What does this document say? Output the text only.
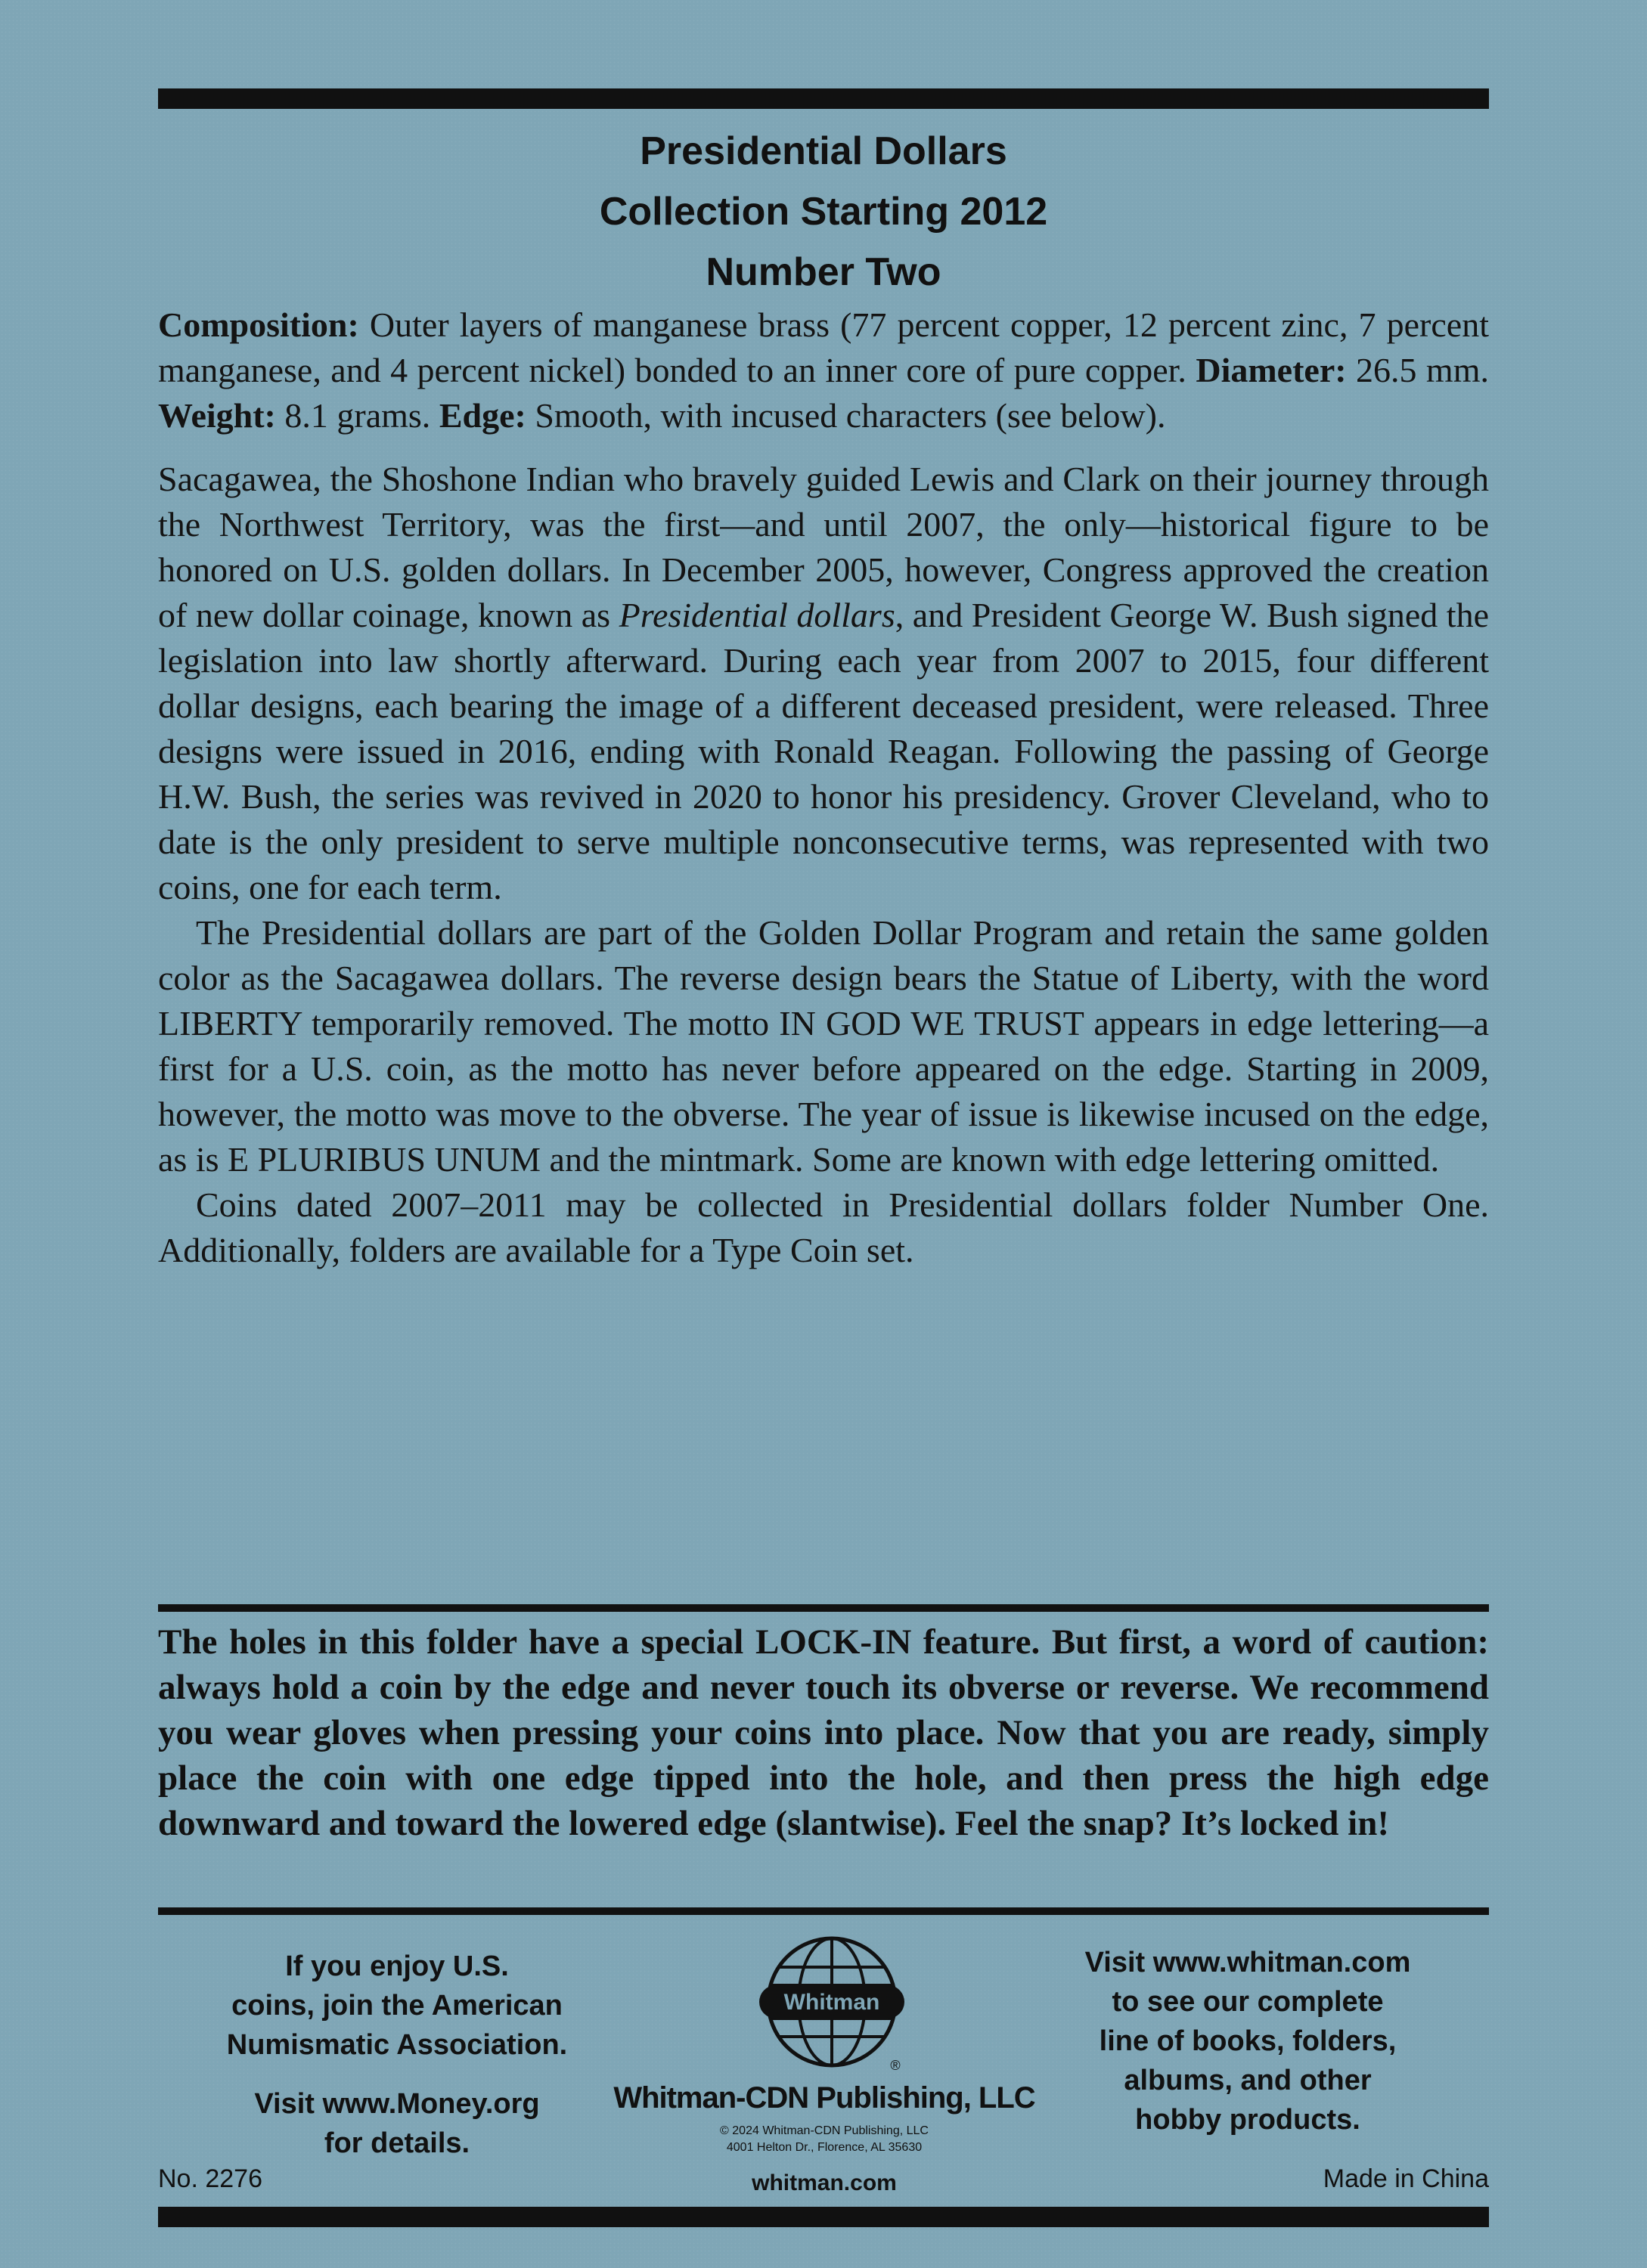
Presidential Dollars
Collection Starting 2012
Number Two

Composition: Outer layers of manganese brass (77 percent copper, 12 percent zinc, 7 percent manganese, and 4 percent nickel) bonded to an inner core of pure copper. Diameter: 26.5 mm. Weight: 8.1 grams. Edge: Smooth, with incused characters (see below).

Sacagawea, the Shoshone Indian who bravely guided Lewis and Clark on their journey through the Northwest Territory, was the first—and until 2007, the only—historical figure to be honored on U.S. golden dollars. In December 2005, however, Congress approved the creation of new dollar coinage, known as Presidential dollars, and President George W. Bush signed the legislation into law shortly afterward. During each year from 2007 to 2015, four different dollar designs, each bearing the image of a different deceased president, were released. Three designs were issued in 2016, ending with Ronald Reagan. Following the passing of George H.W. Bush, the series was revived in 2020 to honor his presidency. Grover Cleveland, who to date is the only president to serve multiple nonconsecutive terms, was represented with two coins, one for each term.

The Presidential dollars are part of the Golden Dollar Program and retain the same golden color as the Sacagawea dollars. The reverse design bears the Statue of Liberty, with the word LIBERTY temporarily removed. The motto IN GOD WE TRUST appears in edge lettering—a first for a U.S. coin, as the motto has never before appeared on the edge. Starting in 2009, however, the motto was move to the obverse. The year of issue is likewise incused on the edge, as is E PLURIBUS UNUM and the mintmark. Some are known with edge lettering omitted.

Coins dated 2007–2011 may be collected in Presidential dollars folder Number One. Additionally, folders are available for a Type Coin set.

The holes in this folder have a special LOCK-IN feature. But first, a word of caution: always hold a coin by the edge and never touch its obverse or reverse. We recommend you wear gloves when pressing your coins into place. Now that you are ready, simply place the coin with one edge tipped into the hole, and then press the high edge downward and toward the lowered edge (slantwise). Feel the snap? It’s locked in!
If you enjoy U.S.
coins, join the American
Numismatic Association.
Visit www.Money.org
for details.
Whitman
®
Whitman-CDN Publishing, LLC
© 2024 Whitman-CDN Publishing, LLC
4001 Helton Dr., Florence, AL 35630
whitman.com
Visit www.whitman.com
to see our complete
line of books, folders,
albums, and other
hobby products.
No. 2276	Made in China
